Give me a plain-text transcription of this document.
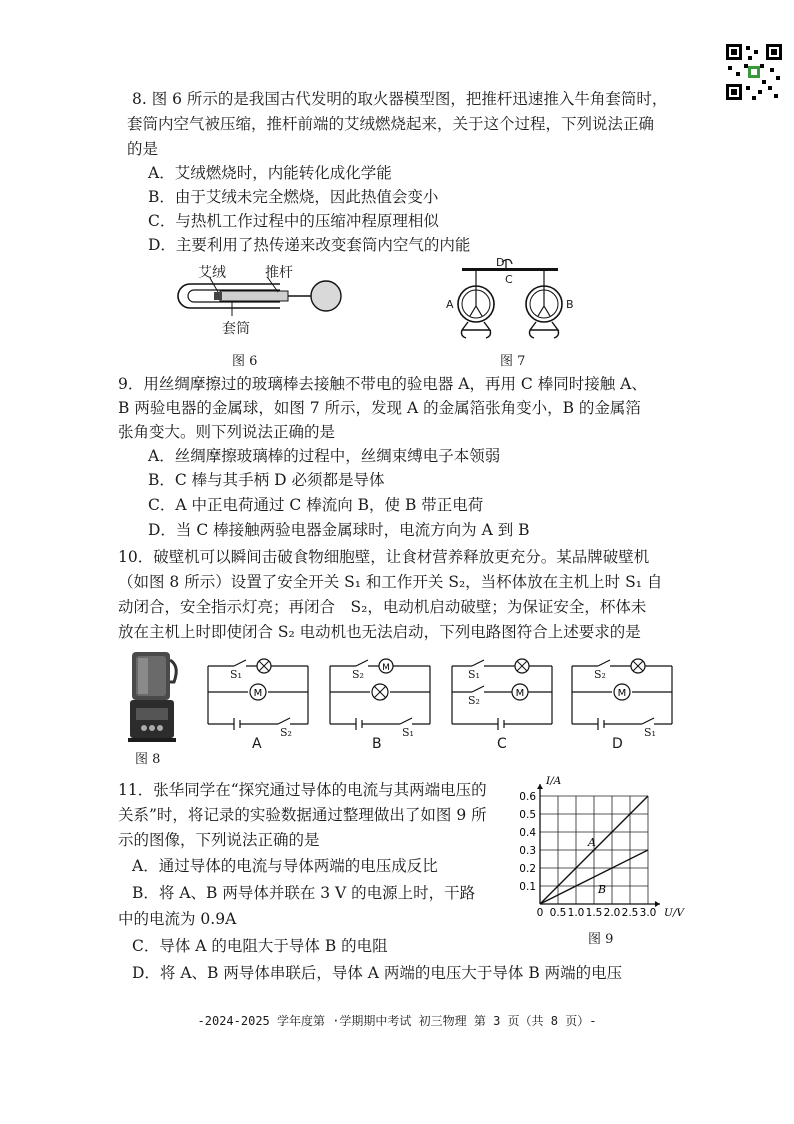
8. 图 6 所示的是我国古代发明的取火器模型图，把推杆迅速推入牛角套筒时，
套筒内空气被压缩，推杆前端的艾绒燃烧起来，关于这个过程，下列说法正确
的是
A．艾绒燃烧时，内能转化成化学能
B．由于艾绒未完全燃烧，因此热值会变小
C．与热机工作过程中的压缩冲程原理相似
D．主要利用了热传递来改变套筒内空气的内能
艾绒	推杆
套筒
图 6
D
C
A	B
图 7
9．用丝绸摩擦过的玻璃棒去接触不带电的验电器 A，再用 C 棒同时接触 A、
B 两验电器的金属球，如图 7 所示，发现 A 的金属箔张角变小，B 的金属箔
张角变大。则下列说法正确的是
A．丝绸摩擦玻璃棒的过程中，丝绸束缚电子本领弱
B．C 棒与其手柄 D 必须都是导体
C．A 中正电荷通过 C 棒流向 B，使 B 带正电荷
D．当 C 棒接触两验电器金属球时，电流方向为 A 到 B
10．破壁机可以瞬间击破食物细胞壁，让食材营养释放更充分。某品牌破壁机
（如图 8 所示）设置了安全开关 S₁ 和工作开关 S₂，当杯体放在主机上时 S₁ 自
动闭合，安全指示灯亮；再闭合　S₂，电动机启动破壁；为保证安全，杯体未
放在主机上时即使闭合 S₂ 电动机也无法启动，下列电路图符合上述要求的是
图 8
M
S₁
S₂
A
M
S₂
S₁
B
M
S₁
S₂
C
M
S₂
S₁
D
11．张华同学在“探究通过导体的电流与其两端电压的
关系”时，将记录的实验数据通过整理做出了如图 9 所
示的图像，下列说法正确的是
A．通过导体的电流与导体两端的电压成反比
B．将 A、B 两导体并联在 3 V 的电源上时，干路
中的电流为 0.9A
C．导体 A 的电阻大于导体 B 的电阻
D．将 A、B 两导体串联后，导体 A 两端的电压大于导体 B 两端的电压
0 0.5 1.0 1.5 2.0 2.5 3.0
0.1
0.2
0.3
0.4
0.5
0.6
U/V
I/A
A
B
图 9
-2024-2025 学年度第 ·学期期中考试 初三物理 第 3 页（共 8 页）-
